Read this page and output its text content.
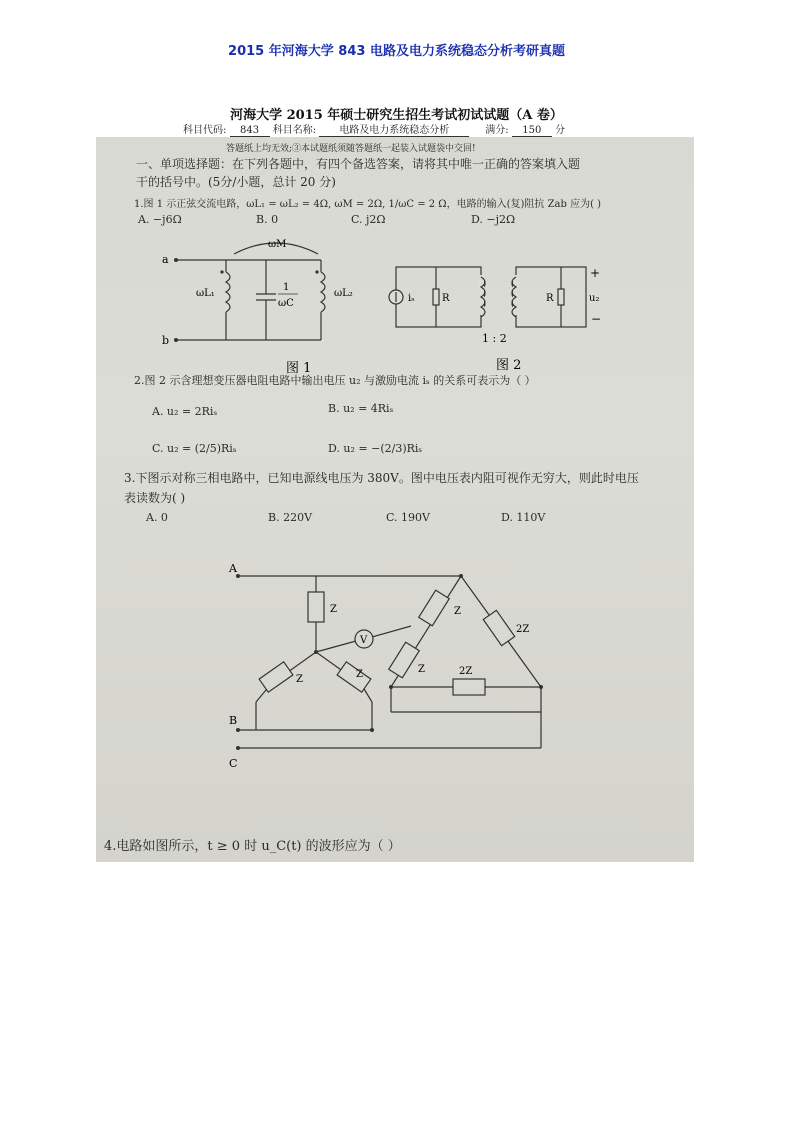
2015 年河海大学 843 电路及电力系统稳态分析考研真题
河海大学 2015 年硕士研究生招生考试初试试题（A 卷）
科目代码: 843 科目名称: 电路及电力系统稳态分析	满分: 150 分
答题纸上均无效;③本试题纸须随答题纸一起装入试题袋中交回!
一、单项选择题：在下列各题中，有四个备选答案，请将其中唯一正确的答案填入题
干的括号中。(5分/小题，总计 20 分)
1.图 1 示正弦交流电路，ωL₁ = ωL₂ = 4Ω, ωM = 2Ω, 1/ωC = 2 Ω，电路的输入(复)阻抗 Zab 应为( )
A. −j6Ω	B. 0	C. j2Ω	D. −j2Ω
a
b
ωM
ωL₁	ωL₂
1
ωC
图 1
iₛ	R	R
1 : 2
+
−
u₂
图 2
2.图 2 示含理想变压器电阻电路中输出电压 u₂ 与激励电流 iₛ 的关系可表示为（ ）
A. u₂ = 2Riₛ	B. u₂ = 4Riₛ
C. u₂ = (2/5)Riₛ	D. u₂ = −(2/3)Riₛ
3.下图示对称三相电路中，已知电源线电压为 380V。图中电压表内阻可视作无穷大，则此时电压
表读数为( )
A. 0	B. 220V	C. 190V	D. 110V
A
B
C
Z
Z	Z
Z
Z
2Z
2Z
V
4.电路如图所示，t ≥ 0 时 u_C(t) 的波形应为（ ）
